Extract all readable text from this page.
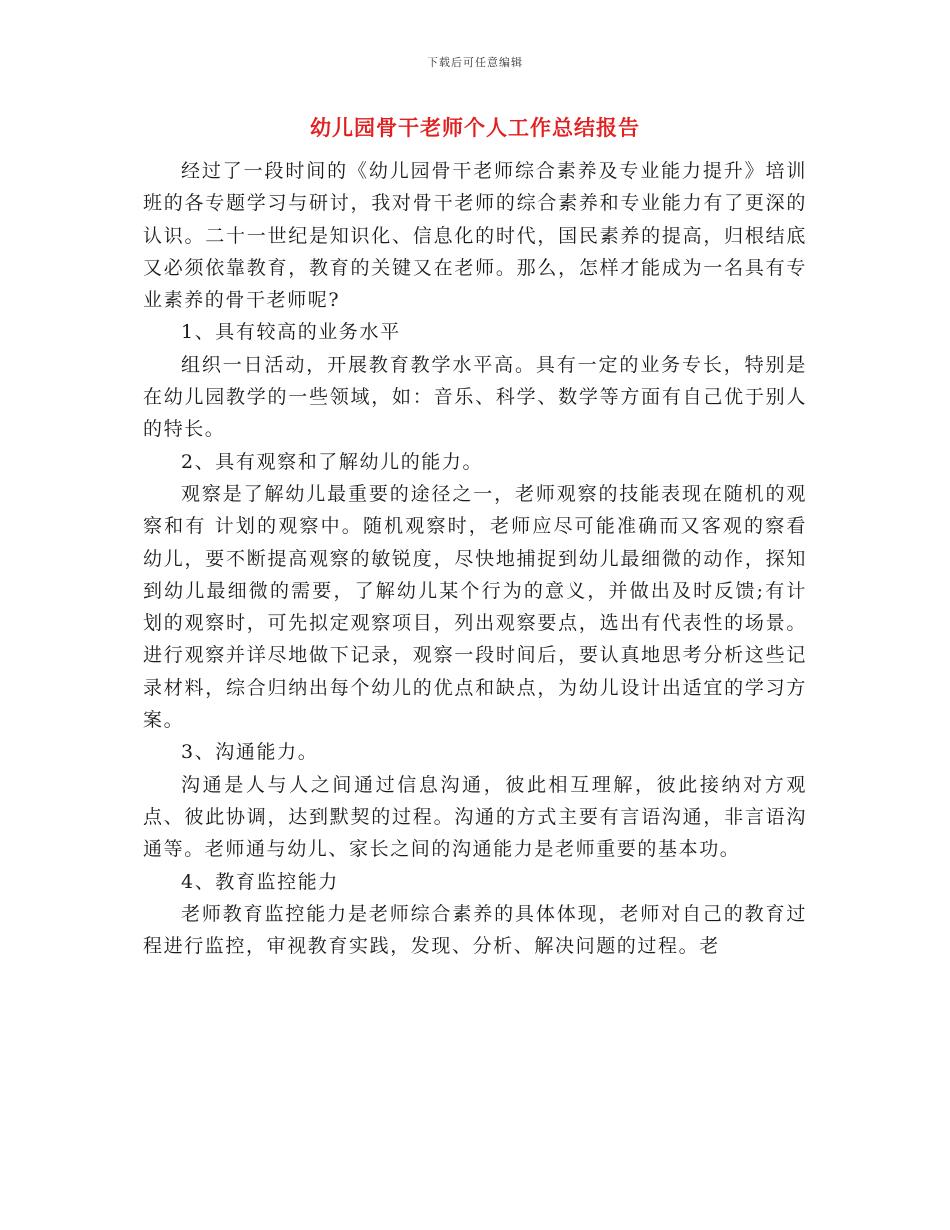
下载后可任意编辑
幼儿园骨干老师个人工作总结报告

经过了一段时间的《幼儿园骨干老师综合素养及专业能力提升》培训班的各专题学习与研讨，我对骨干老师的综合素养和专业能力有了更深的认识。二十一世纪是知识化、信息化的时代，国民素养的提高，归根结底又必须依靠教育，教育的关键又在老师。那么，怎样才能成为一名具有专业素养的骨干老师呢?

1、具有较高的业务水平

组织一日活动，开展教育教学水平高。具有一定的业务专长，特别是在幼儿园教学的一些领域，如：音乐、科学、数学等方面有自己优于别人的特长。

2、具有观察和了解幼儿的能力。

观察是了解幼儿最重要的途径之一，老师观察的技能表现在随机的观察和有 计划的观察中。随机观察时，老师应尽可能准确而又客观的察看幼儿，要不断提高观察的敏锐度，尽快地捕捉到幼儿最细微的动作，探知到幼儿最细微的需要，了解幼儿某个行为的意义，并做出及时反馈;有计划的观察时，可先拟定观察项目，列出观察要点，选出有代表性的场景。进行观察并详尽地做下记录，观察一段时间后，要认真地思考分析这些记录材料，综合归纳出每个幼儿的优点和缺点，为幼儿设计出适宜的学习方案。

3、沟通能力。

沟通是人与人之间通过信息沟通，彼此相互理解，彼此接纳对方观点、彼此协调，达到默契的过程。沟通的方式主要有言语沟通，非言语沟通等。老师通与幼儿、家长之间的沟通能力是老师重要的基本功。

4、教育监控能力

老师教育监控能力是老师综合素养的具体体现，老师对自己的教育过程进行监控，审视教育实践，发现、分析、解决问题的过程。老
